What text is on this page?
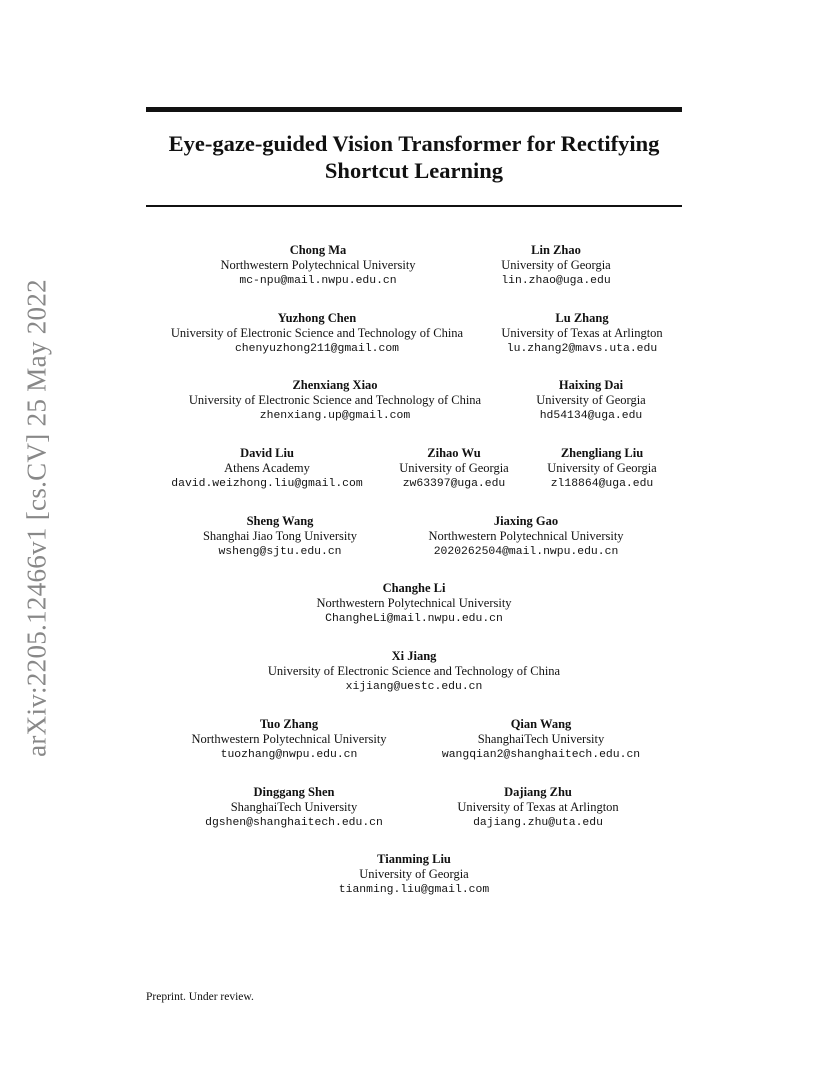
Eye-gaze-guided Vision Transformer for Rectifying
Shortcut Learning
arXiv:2205.12466v1 [cs.CV] 25 May 2022
Chong Ma
Northwestern Polytechnical University
mc-npu@mail.nwpu.edu.cn
Lin Zhao
University of Georgia
lin.zhao@uga.edu
Yuzhong Chen
University of Electronic Science and Technology of China
chenyuzhong211@gmail.com
Lu Zhang
University of Texas at Arlington
lu.zhang2@mavs.uta.edu
Zhenxiang Xiao
University of Electronic Science and Technology of China
zhenxiang.up@gmail.com
Haixing Dai
University of Georgia
hd54134@uga.edu
David Liu
Athens Academy
david.weizhong.liu@gmail.com
Zihao Wu
University of Georgia
zw63397@uga.edu
Zhengliang Liu
University of Georgia
zl18864@uga.edu
Sheng Wang
Shanghai Jiao Tong University
wsheng@sjtu.edu.cn
Jiaxing Gao
Northwestern Polytechnical University
2020262504@mail.nwpu.edu.cn
Changhe Li
Northwestern Polytechnical University
ChangheLi@mail.nwpu.edu.cn
Xi Jiang
University of Electronic Science and Technology of China
xijiang@uestc.edu.cn
Tuo Zhang
Northwestern Polytechnical University
tuozhang@nwpu.edu.cn
Qian Wang
ShanghaiTech University
wangqian2@shanghaitech.edu.cn
Dinggang Shen
ShanghaiTech University
dgshen@shanghaitech.edu.cn
Dajiang Zhu
University of Texas at Arlington
dajiang.zhu@uta.edu
Tianming Liu
University of Georgia
tianming.liu@gmail.com
Preprint. Under review.
